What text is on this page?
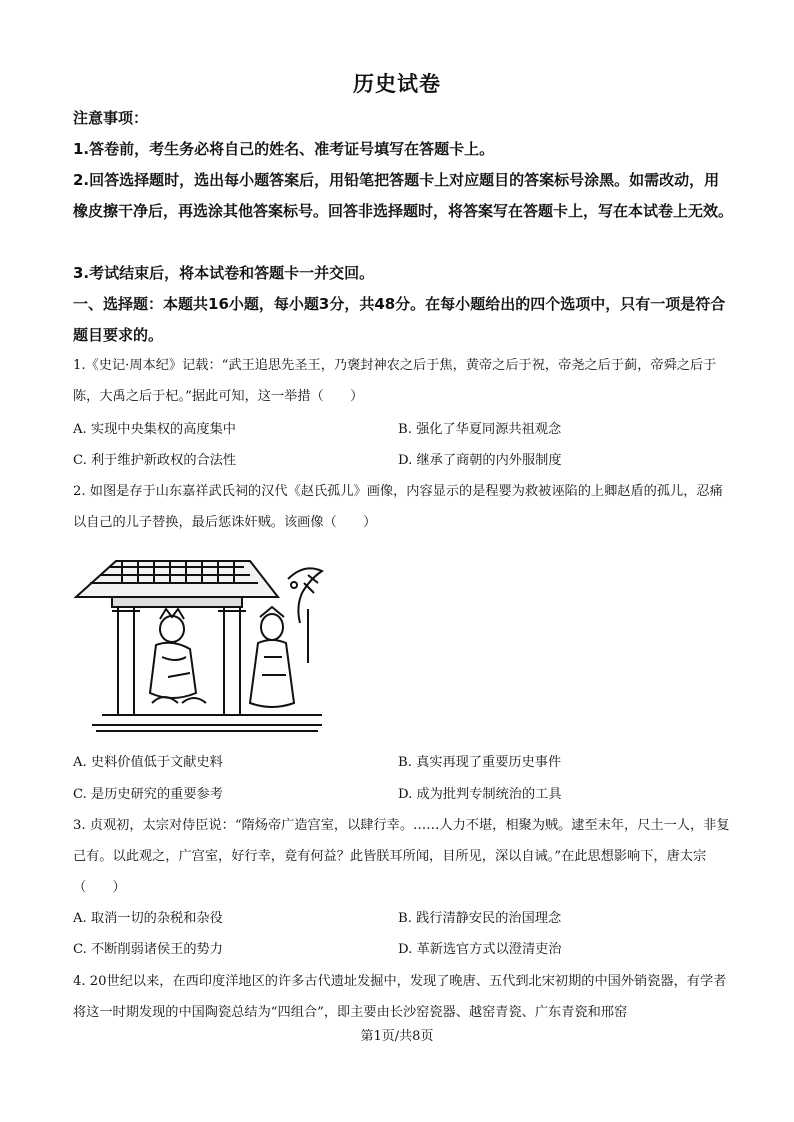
历史试卷
注意事项：
1.答卷前，考生务必将自己的姓名、准考证号填写在答题卡上。
2.回答选择题时，选出每小题答案后，用铅笔把答题卡上对应题目的答案标号涂黑。如需改动，用橡皮擦干净后，再选涂其他答案标号。回答非选择题时，将答案写在答题卡上，写在本试卷上无效。
3.考试结束后，将本试卷和答题卡一并交回。
一、选择题：本题共16小题，每小题3分，共48分。在每小题给出的四个选项中，只有一项是符合题目要求的。
1.《史记·周本纪》记载：“武王追思先圣王，乃褒封神农之后于焦，黄帝之后于祝，帝尧之后于蓟，帝舜之后于陈，大禹之后于杞。”据此可知，这一举措（　　）
A. 实现中央集权的高度集中	B. 强化了华夏同源共祖观念
C. 利于维护新政权的合法性	D. 继承了商朝的内外服制度
2. 如图是存于山东嘉祥武氏祠的汉代《赵氏孤儿》画像，内容显示的是程婴为救被诬陷的上卿赵盾的孤儿，忍痛以自己的儿子替换，最后惩诛奸贼。该画像（　　）
A. 史料价值低于文献史料	B. 真实再现了重要历史事件
C. 是历史研究的重要参考	D. 成为批判专制统治的工具
3. 贞观初，太宗对侍臣说：“隋炀帝广造宫室，以肆行幸。……人力不堪，相聚为贼。逮至末年，尺土一人，非复己有。以此观之，广宫室，好行幸，竟有何益？此皆朕耳所闻，目所见，深以自诫。”在此思想影响下，唐太宗（　　）
A. 取消一切的杂税和杂役	B. 践行清静安民的治国理念
C. 不断削弱诸侯王的势力	D. 革新选官方式以澄清吏治
4. 20世纪以来，在西印度洋地区的许多古代遗址发掘中，发现了晚唐、五代到北宋初期的中国外销瓷器，有学者将这一时期发现的中国陶瓷总结为“四组合”，即主要由长沙窑瓷器、越窑青瓷、广东青瓷和邢窑
第1页/共8页
